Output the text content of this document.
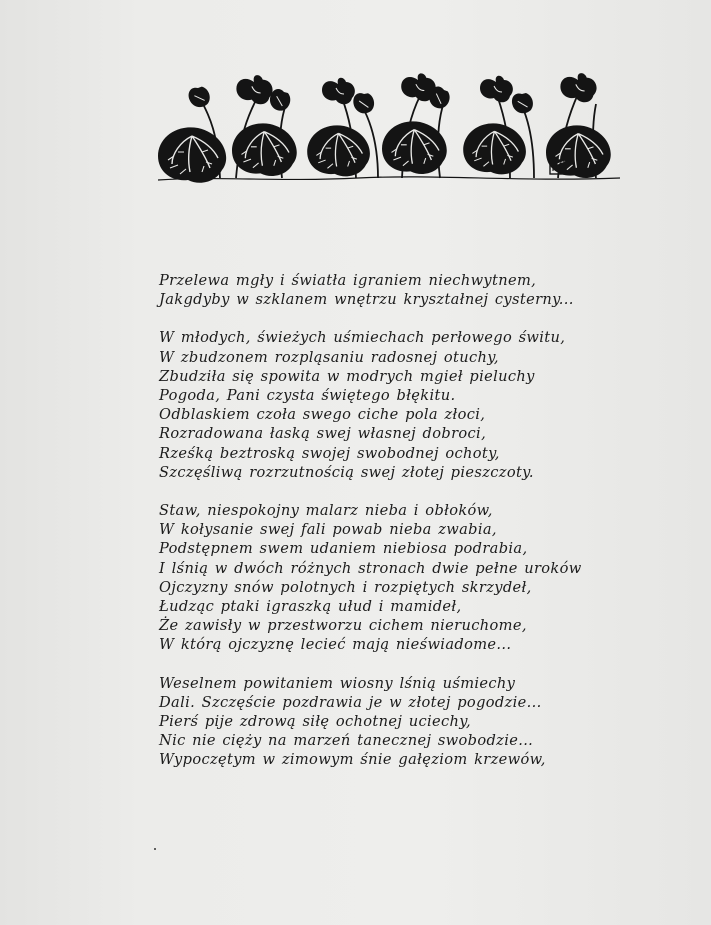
Przelewa mgły i światła igraniem niechwytnem,
Jakgdyby w szklanem wnętrzu kryształnej cysterny...
W młodych, świeżych uśmiechach perłowego świtu,
W zbudzonem rozpląsaniu radosnej otuchy,
Zbudziła się spowita w modrych mgieł pieluchy
Pogoda, Pani czysta świętego błękitu.
Odblaskiem czoła swego ciche pola złoci,
Rozradowana łaską swej własnej dobroci,
Rześką beztroską swojej swobodnej ochoty,
Szczęśliwą rozrzutnością swej złotej pieszczoty.
Staw, niespokojny malarz nieba i obłoków,
W kołysanie swej fali powab nieba zwabia,
Podstępnem swem udaniem niebiosa podrabia,
I lśnią w dwóch różnych stronach dwie pełne uroków
Ojczyzny snów polotnych i rozpiętych skrzydeł,
Łudząc ptaki igraszką ułud i mamideł,
Że zawisły w przestworzu cichem nieruchome,
W którą ojczyznę lecieć mają nieświadome...
Weselnem powitaniem wiosny lśnią uśmiechy
Dali. Szczęście pozdrawia je w złotej pogodzie...
Pierś pije zdrową siłę ochotnej uciechy,
Nic nie cięży na marzeń tanecznej swobodzie...
Wypoczętym w zimowym śnie gałęziom krzewów,
